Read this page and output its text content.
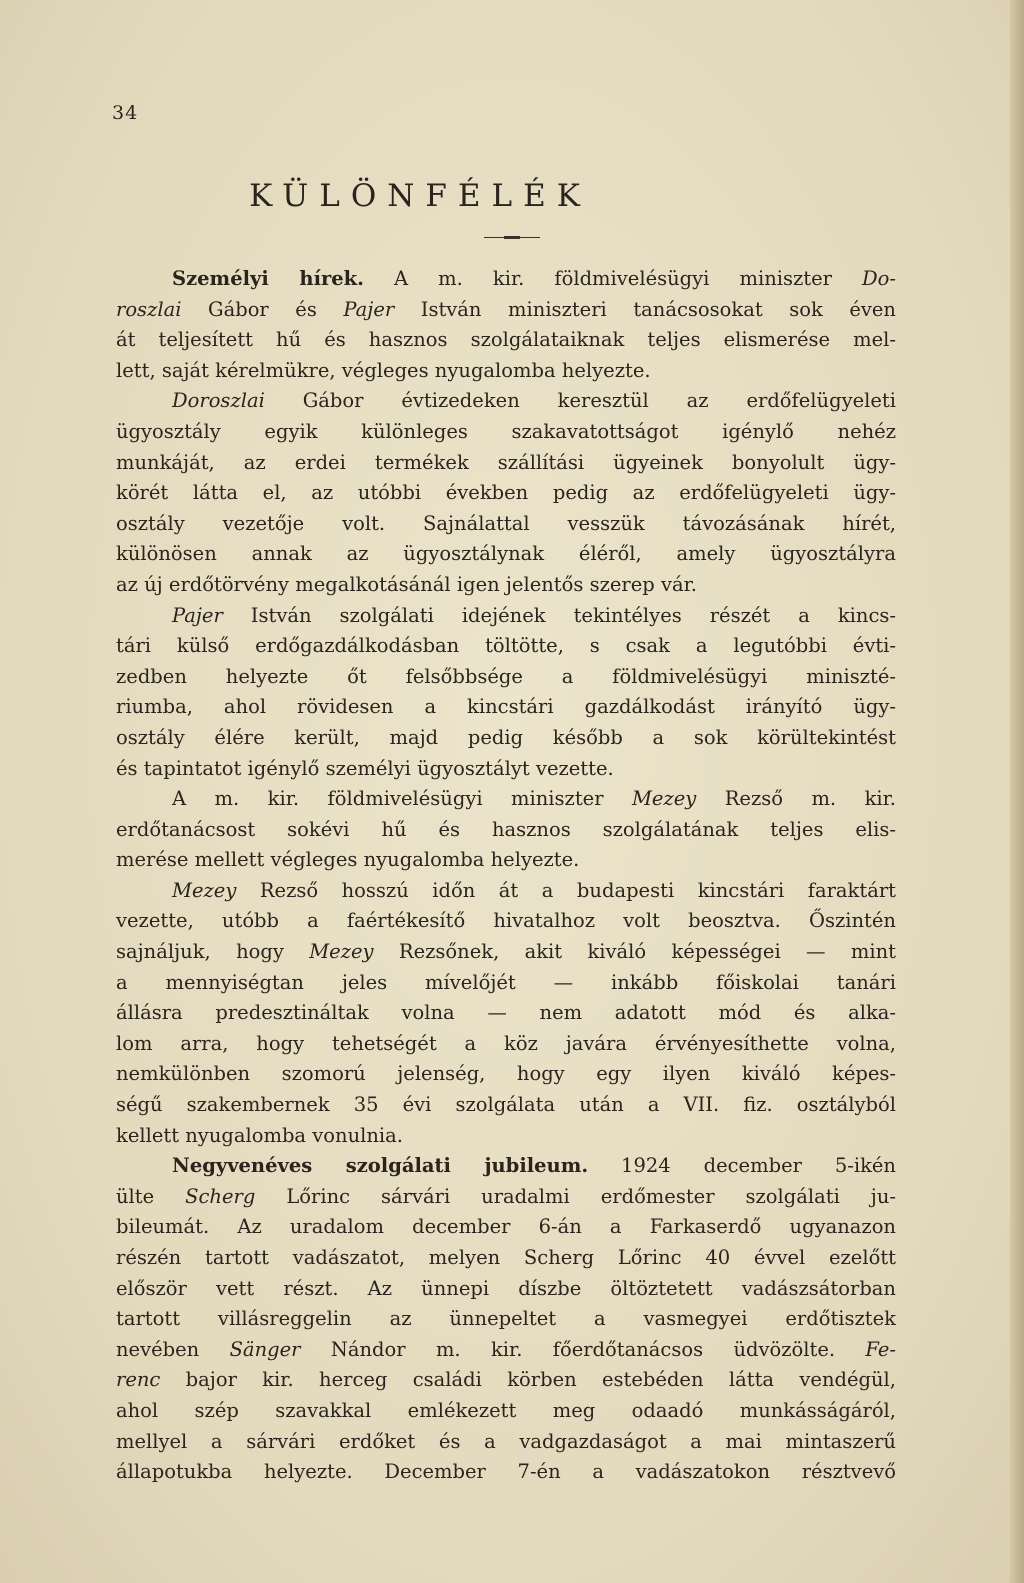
34
KÜLÖNFÉLÉK
Személyi hírek. A m. kir. földmivelésügyi miniszter Do-
roszlai Gábor és Pajer István miniszteri tanácsosokat sok éven
át teljesített hű és hasznos szolgálataiknak teljes elismerése mel-
lett, saját kérelmükre, végleges nyugalomba helyezte.
Doroszlai Gábor évtizedeken keresztül az erdőfelügyeleti
ügyosztály egyik különleges szakavatottságot igénylő nehéz
munkáját, az erdei termékek szállítási ügyeinek bonyolult ügy-
körét látta el, az utóbbi években pedig az erdőfelügyeleti ügy-
osztály vezetője volt. Sajnálattal vesszük távozásának hírét,
különösen annak az ügyosztálynak éléről, amely ügyosztályra
az új erdőtörvény megalkotásánál igen jelentős szerep vár.
Pajer István szolgálati idejének tekintélyes részét a kincs-
tári külső erdőgazdálkodásban töltötte, s csak a legutóbbi évti-
zedben helyezte őt felsőbbsége a földmivelésügyi miniszté-
riumba, ahol rövidesen a kincstári gazdálkodást irányító ügy-
osztály élére került, majd pedig később a sok körültekintést
és tapintatot igénylő személyi ügyosztályt vezette.
A m. kir. földmivelésügyi miniszter Mezey Rezső m. kir.
erdőtanácsost sokévi hű és hasznos szolgálatának teljes elis-
merése mellett végleges nyugalomba helyezte.
Mezey Rezső hosszú időn át a budapesti kincstári faraktárt
vezette, utóbb a faértékesítő hivatalhoz volt beosztva. Őszintén
sajnáljuk, hogy Mezey Rezsőnek, akit kiváló képességei — mint
a mennyiségtan jeles mívelőjét — inkább főiskolai tanári
állásra predesztináltak volna — nem adatott mód és alka-
lom arra, hogy tehetségét a köz javára érvényesíthette volna,
nemkülönben szomorú jelenség, hogy egy ilyen kiváló képes-
ségű szakembernek 35 évi szolgálata után a VII. fiz. osztályból
kellett nyugalomba vonulnia.
Negyvenéves szolgálati jubileum. 1924 december 5-ikén
ülte Scherg Lőrinc sárvári uradalmi erdőmester szolgálati ju-
bileumát. Az uradalom december 6-án a Farkaserdő ugyanazon
részén tartott vadászatot, melyen Scherg Lőrinc 40 évvel ezelőtt
először vett részt. Az ünnepi díszbe öltöztetett vadászsátorban
tartott villásreggelin az ünnepeltet a vasmegyei erdőtisztek
nevében Sänger Nándor m. kir. főerdőtanácsos üdvözölte. Fe-
renc bajor kir. herceg családi körben estebéden látta vendégül,
ahol szép szavakkal emlékezett meg odaadó munkásságáról,
mellyel a sárvári erdőket és a vadgazdaságot a mai mintaszerű
állapotukba helyezte. December 7-én a vadászatokon résztvevő
